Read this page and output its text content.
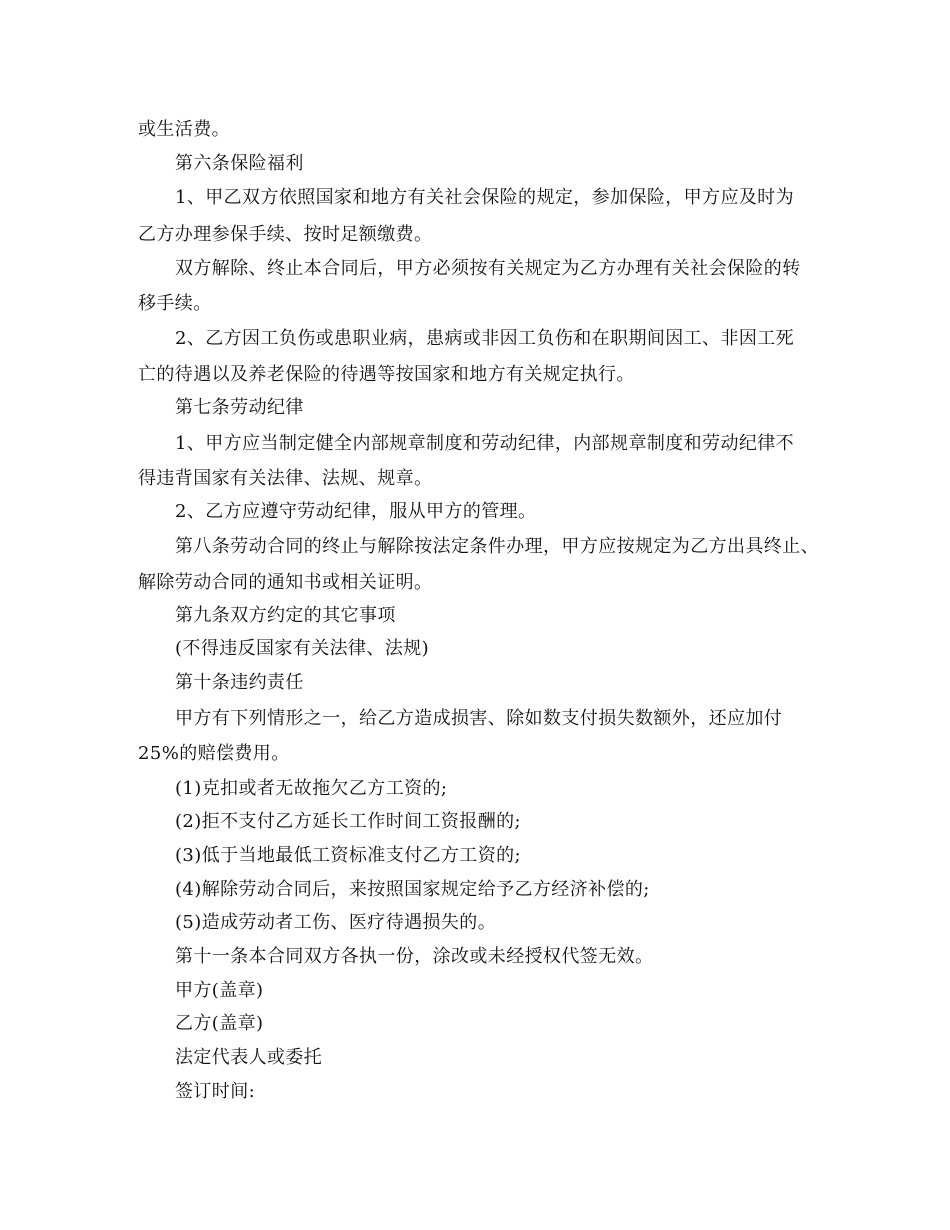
或生活费。
第六条保险福利
1、甲乙双方依照国家和地方有关社会保险的规定，参加保险，甲方应及时为
乙方办理参保手续、按时足额缴费。
双方解除、终止本合同后，甲方必须按有关规定为乙方办理有关社会保险的转
移手续。
2、乙方因工负伤或患职业病，患病或非因工负伤和在职期间因工、非因工死
亡的待遇以及养老保险的待遇等按国家和地方有关规定执行。
第七条劳动纪律
1、甲方应当制定健全内部规章制度和劳动纪律，内部规章制度和劳动纪律不
得违背国家有关法律、法规、规章。
2、乙方应遵守劳动纪律，服从甲方的管理。
第八条劳动合同的终止与解除按法定条件办理，甲方应按规定为乙方出具终止、
解除劳动合同的通知书或相关证明。
第九条双方约定的其它事项
(不得违反国家有关法律、法规)
第十条违约责任
甲方有下列情形之一，给乙方造成损害、除如数支付损失数额外，还应加付
25%的赔偿费用。
(1)克扣或者无故拖欠乙方工资的;
(2)拒不支付乙方延长工作时间工资报酬的;
(3)低于当地最低工资标准支付乙方工资的;
(4)解除劳动合同后，来按照国家规定给予乙方经济补偿的;
(5)造成劳动者工伤、医疗待遇损失的。
第十一条本合同双方各执一份，涂改或未经授权代签无效。
甲方(盖章)
乙方(盖章)
法定代表人或委托
签订时间:
